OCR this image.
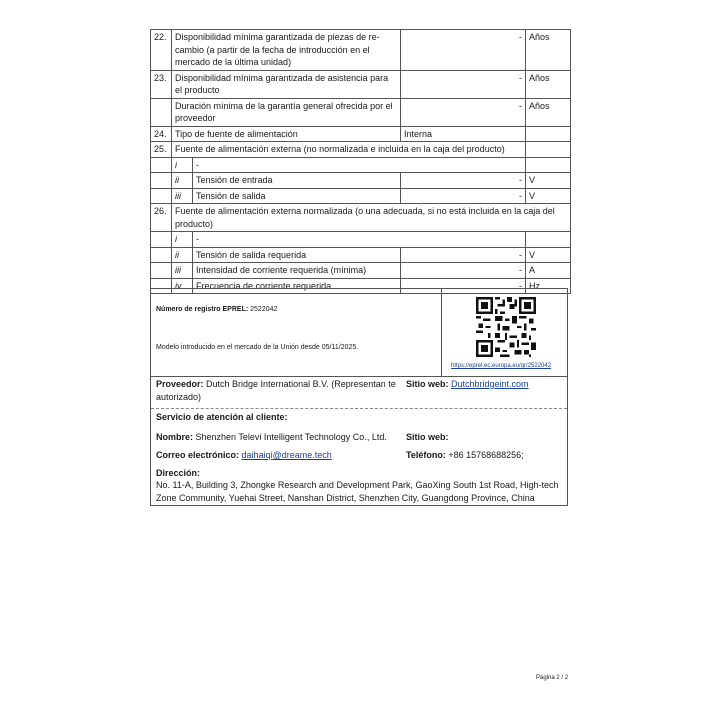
22.	Disponibilidad mínima garantizada de piezas de re-cambio (a partir de la fecha de introducción en el mercado de la última unidad)		-	Años
23.	Disponibilidad mínima garantizada de asistencia para el producto		-	Años
	Duración mínima de la garantía general ofrecida por el proveedor		-	Años
24.	Tipo de fuente de alimentación		Interna	
25.	Fuente de alimentación externa (no normalizada e incluida en la caja del producto)			
	i	-		
	ii	Tensión de entrada	-	V
	iii	Tensión de salida	-	V
26.	Fuente de alimentación externa normalizada (o una adecuada, si no está incluida en la caja del producto)			
	i	-		
	ii	Tensión de salida requerida	-	V
	iii	Intensidad de corriente requerida (mínima)	-	A
	iv	Frecuencia de corriente requerida	-	Hz
Número de registro EPREL: 2522042
Modelo introducido en el mercado de la Unión desde 05/11/2025.
https://eprel.ec.europa.eu/qr/2522042
Proveedor: Dutch Bridge International B.V. (Representan te autorizado)
Sitio web: Dutchbridgeint.com
Servicio de atención al cliente:
Nombre: Shenzhen Televi Intelligent Technology Co., Ltd. Sitio web:
Correo electrónico: daihaiqi@dreame.tech	Teléfono: +86 15768688256;
Dirección:
No. 11-A, Building 3, Zhongke Research and Development Park, GaoXing South 1st Road, High-tech Zone Community, Yuehai Street, Nanshan District, Shenzhen City, Guangdong Province, China
Página 2 / 2
